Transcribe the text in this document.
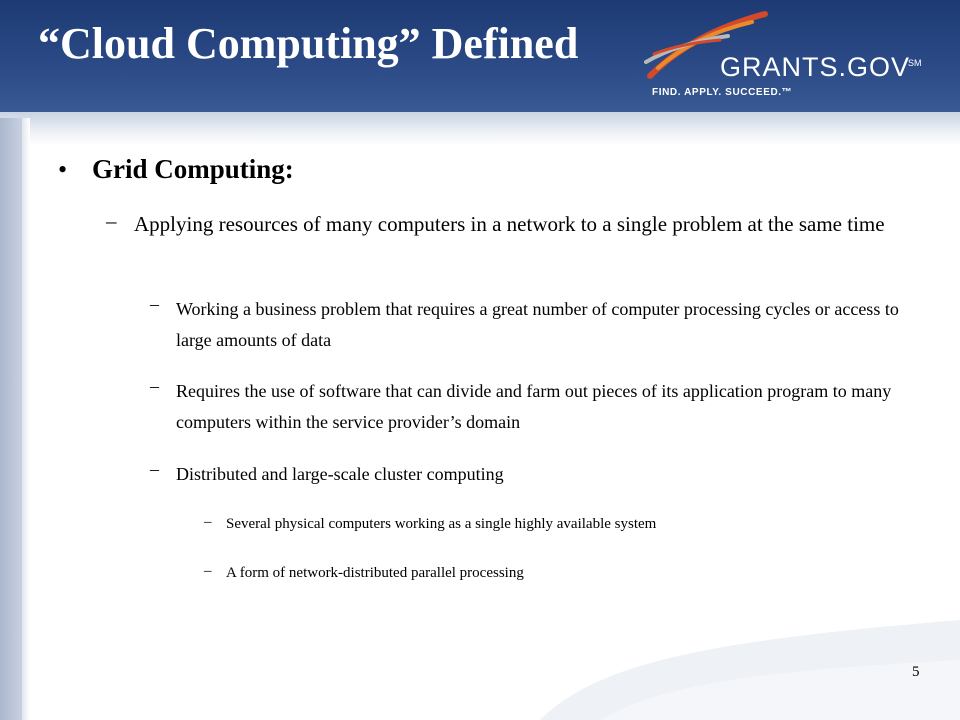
“Cloud Computing” Defined	GRANTS.GOV
SM
FIND. APPLY. SUCCEED.™
• Grid Computing:
– Applying resources of many computers in a network to a single problem at the same time
– Working a business problem that requires a great number of computer processing cycles or access to large amounts of data
– Requires the use of software that can divide and farm out pieces of its application program to many computers within the service provider’s domain
– Distributed and large-scale cluster computing
– Several physical computers working as a single highly available system
– A form of network-distributed parallel processing
5
